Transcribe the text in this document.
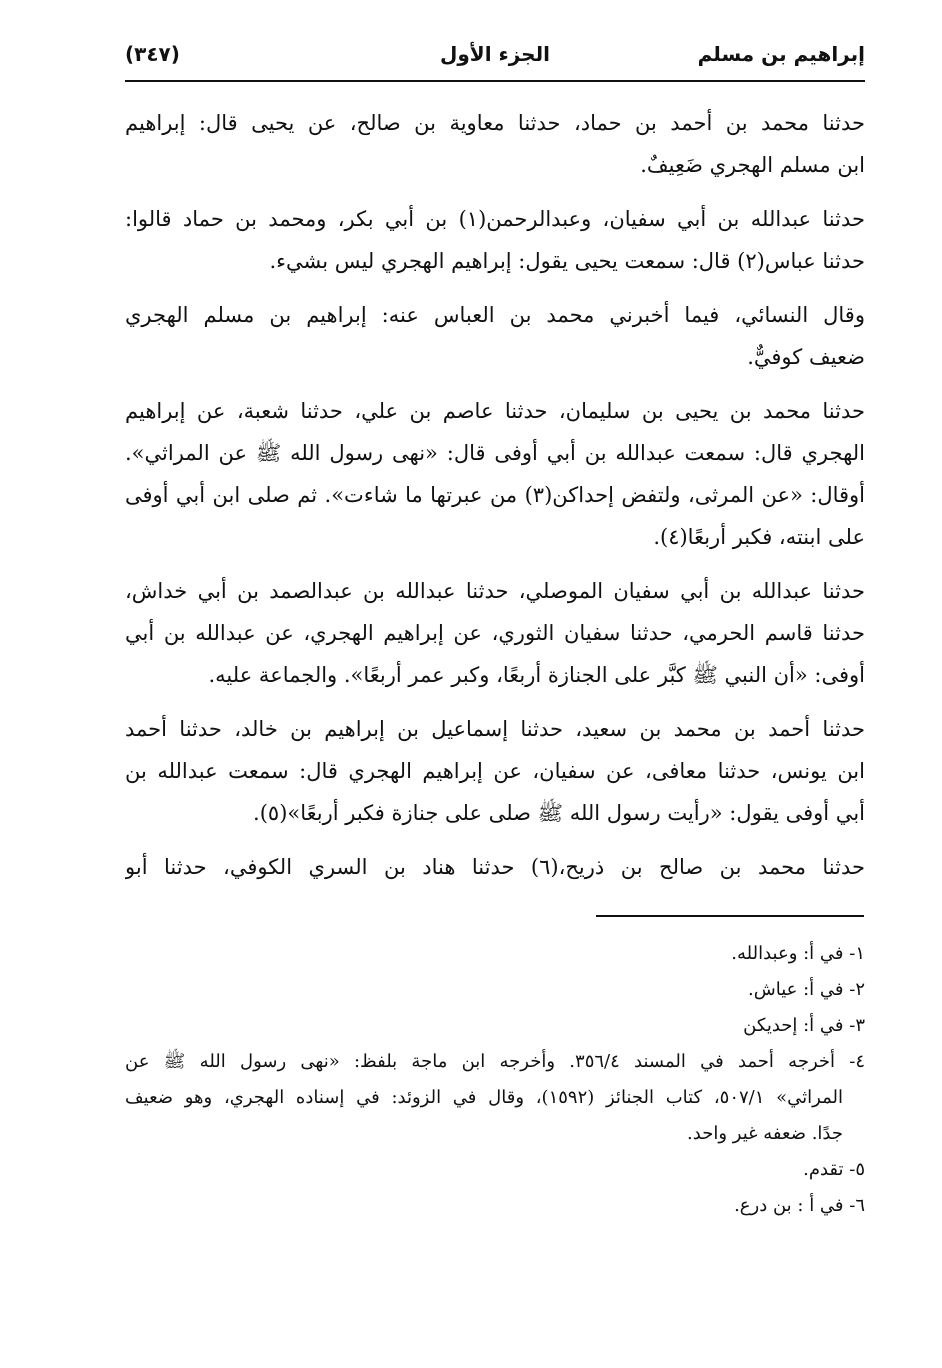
إبراهيم بن مسلم
الجزء الأول
(٣٤٧)

حدثنا محمد بن أحمد بن حماد، حدثنا معاوية بن صالح، عن يحيى قال: إبراهيم
ابن مسلم الهجري ضَعِيفٌ.

حدثنا عبدالله بن أبي سفيان، وعبدالرحمن(١) بن أبي بكر، ومحمد بن حماد قالوا:
حدثنا عباس(٢) قال: سمعت يحيى يقول: إبراهيم الهجري ليس بشيء.

وقال النسائي، فيما أخبرني محمد بن العباس عنه: إبراهيم بن مسلم الهجري
ضعيف كوفيٌّ.

حدثنا محمد بن يحيى بن سليمان، حدثنا عاصم بن علي، حدثنا شعبة، عن إبراهيم
الهجري قال: سمعت عبدالله بن أبي أوفى قال: «نهى رسول الله ﷺ عن المراثي».
أوقال: «عن المرثى، ولتفض إحداكن(٣) من عبرتها ما شاءت». ثم صلى ابن أبي أوفى
على ابنته، فكبر أربعًا(٤).

حدثنا عبدالله بن أبي سفيان الموصلي، حدثنا عبدالله بن عبدالصمد بن أبي خداش،
حدثنا قاسم الحرمي، حدثنا سفيان الثوري، عن إبراهيم الهجري، عن عبدالله بن أبي
أوفى: «أن النبي ﷺ كبَّر على الجنازة أربعًا، وكبر عمر أربعًا». والجماعة عليه.

حدثنا أحمد بن محمد بن سعيد، حدثنا إسماعيل بن إبراهيم بن خالد، حدثنا أحمد
ابن يونس، حدثنا معافى، عن سفيان، عن إبراهيم الهجري قال: سمعت عبدالله بن
أبي أوفى يقول: «رأيت رسول الله ﷺ صلى على جنازة فكبر أربعًا»(٥).

حدثنا محمد بن صالح بن ذريح،(٦) حدثنا هناد بن السري الكوفي، حدثنا أبو

١- في أ: وعبدالله.
٢- في أ: عياش.
٣- في أ: إحديكن
٤- أخرجه أحمد في المسند ٣٥٦/٤. وأخرجه ابن ماجة بلفظ: «نهى رسول الله ﷺ عن
المراثي» ٥٠٧/١، كتاب الجنائز (١٥٩٢)، وقال في الزوئد: في إسناده الهجري، وهو ضعيف
جدًا. ضعفه غير واحد.
٥- تقدم.
٦- في أ : بن درع.
